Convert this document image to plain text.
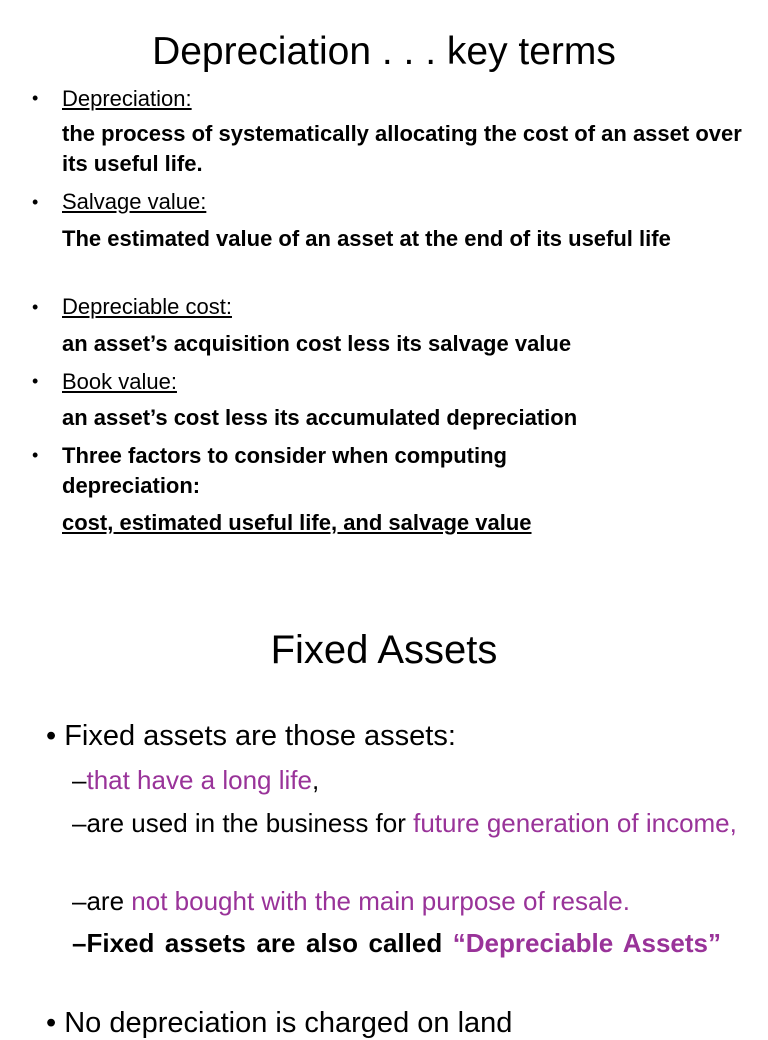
Depreciation . . . key terms
• Depreciation:
the process of systematically allocating the cost of an asset over its useful life.
• Salvage value:
The estimated value of an asset at the end of its useful life
• Depreciable cost:
an asset’s acquisition cost less its salvage value
• Book value:
an asset’s cost less its accumulated depreciation
• Three factors to consider when computing depreciation:
cost, estimated useful life, and salvage value
Fixed Assets
• Fixed assets are those assets:
–that have a long life,
–are used in the business for future generation of income,
–are not bought with the main purpose of resale.
–Fixed assets are also called “Depreciable Assets”
• No depreciation is charged on land
